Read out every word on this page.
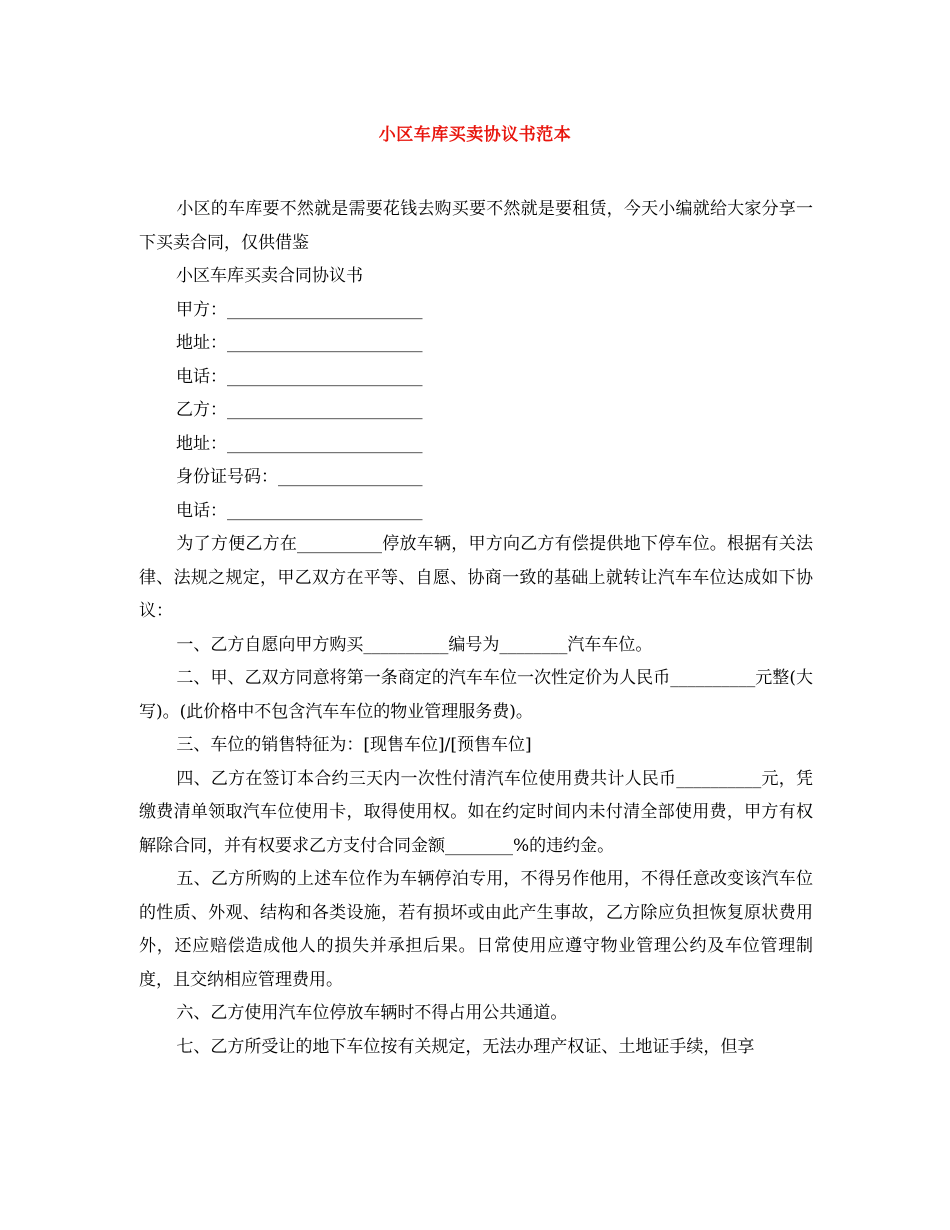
小区车库买卖协议书范本

小区的车库要不然就是需要花钱去购买要不然就是要租赁，今天小编就给大家分享一下买卖合同，仅供借鉴

小区车库买卖合同协议书

甲方：_______________________

地址：_______________________

电话：_______________________

乙方：_______________________

地址：_______________________

身份证号码：_________________

电话：_______________________

为了方便乙方在__________停放车辆，甲方向乙方有偿提供地下停车位。根据有关法律、法规之规定，甲乙双方在平等、自愿、协商一致的基础上就转让汽车车位达成如下协议：

一、乙方自愿向甲方购买__________编号为________汽车车位。

二、甲、乙双方同意将第一条商定的汽车车位一次性定价为人民币__________元整(大写)。(此价格中不包含汽车车位的物业管理服务费)。

三、车位的销售特征为：[现售车位]/[预售车位]

四、乙方在签订本合约三天内一次性付清汽车位使用费共计人民币__________元，凭缴费清单领取汽车位使用卡，取得使用权。如在约定时间内未付清全部使用费，甲方有权解除合同，并有权要求乙方支付合同金额________%的违约金。

五、乙方所购的上述车位作为车辆停泊专用，不得另作他用，不得任意改变该汽车位的性质、外观、结构和各类设施，若有损坏或由此产生事故，乙方除应负担恢复原状费用外，还应赔偿造成他人的损失并承担后果。日常使用应遵守物业管理公约及车位管理制度，且交纳相应管理费用。

六、乙方使用汽车位停放车辆时不得占用公共通道。

七、乙方所受让的地下车位按有关规定，无法办理产权证、土地证手续，但享
